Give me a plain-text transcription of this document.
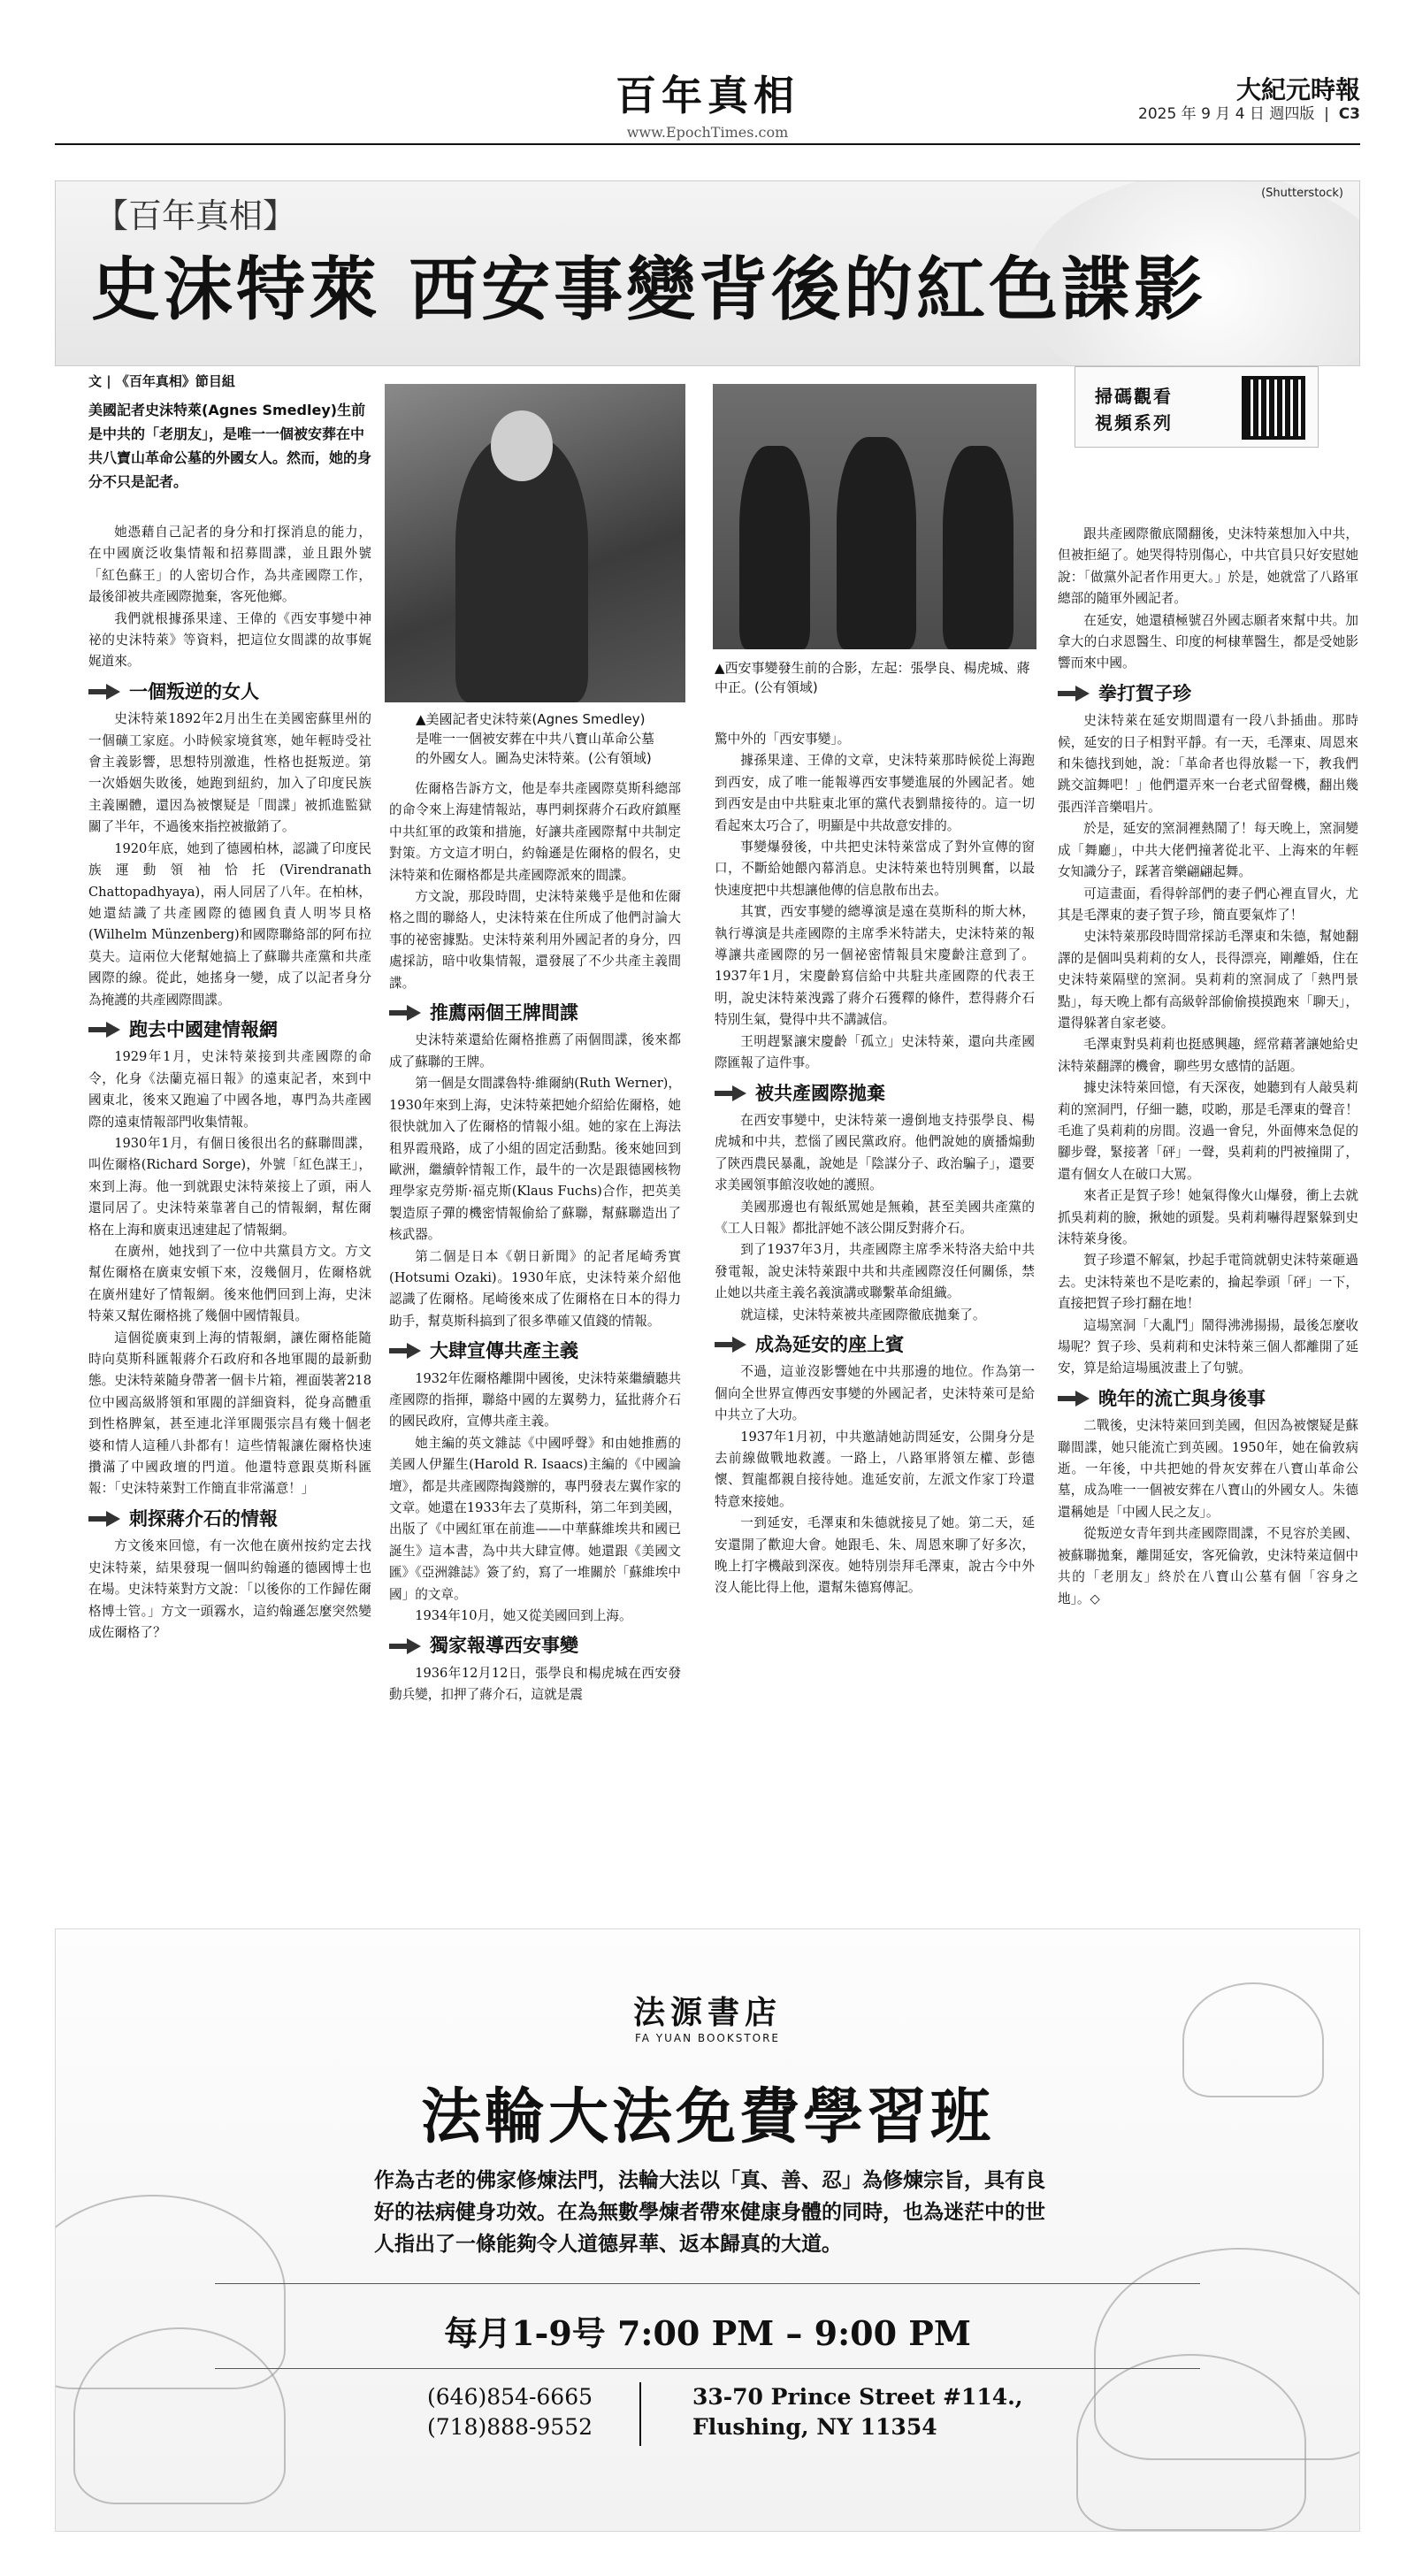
百年真相
www.EpochTimes.com
大紀元時報
2025 年 9 月 4 日 週四版  |  C3
【百年真相】
(Shutterstock)
史沫特萊 西安事變背後的紅色諜影
文 | 《百年真相》節目組
美國記者史沫特萊(Agnes Smedley)生前是中共的「老朋友」，是唯一一個被安葬在中共八寶山革命公墓的外國女人。然而，她的身分不只是記者。
▲美國記者史沫特萊(Agnes Smedley)是唯一一個被安葬在中共八寶山革命公墓的外國女人。圖為史沫特萊。(公有領域)
▲西安事變發生前的合影，左起：張學良、楊虎城、蔣中正。(公有領域)
掃碼觀看
視頻系列

她憑藉自己記者的身分和打探消息的能力，在中國廣泛收集情報和招募間諜，並且跟外號「紅色蘇王」的人密切合作，為共產國際工作，最後卻被共產國際拋棄，客死他鄉。

我們就根據孫果達、王偉的《西安事變中神祕的史沫特萊》等資料，把這位女間諜的故事娓娓道來。

一個叛逆的女人

史沫特萊1892年2月出生在美國密蘇里州的一個礦工家庭。小時候家境貧寒，她年輕時受社會主義影響，思想特別激進，性格也挺叛逆。第一次婚姻失敗後，她跑到紐約，加入了印度民族主義團體，還因為被懷疑是「間諜」被抓進監獄關了半年，不過後來指控被撤銷了。

1920年底，她到了德國柏林，認識了印度民族運動領袖恰托(Virendranath Chattopadhyaya)，兩人同居了八年。在柏林，她還結識了共產國際的德國負責人明岑貝格(Wilhelm Münzenberg)和國際聯絡部的阿布拉莫夫。這兩位大佬幫她搞上了蘇聯共產黨和共產國際的線。從此，她搖身一變，成了以記者身分為掩護的共產國際間諜。

跑去中國建情報網

1929年1月，史沫特萊接到共產國際的命令，化身《法蘭克福日報》的遠東記者，來到中國東北，後來又跑遍了中國各地，專門為共產國際的遠東情報部門收集情報。

1930年1月，有個日後很出名的蘇聯間諜，叫佐爾格(Richard Sorge)，外號「紅色謀王」，來到上海。他一到就跟史沫特萊接上了頭，兩人還同居了。史沫特萊靠著自己的情報網，幫佐爾格在上海和廣東迅速建起了情報網。

在廣州，她找到了一位中共黨員方文。方文幫佐爾格在廣東安頓下來，沒幾個月，佐爾格就在廣州建好了情報網。後來他們回到上海，史沫特萊又幫佐爾格挑了幾個中國情報員。

這個從廣東到上海的情報網，讓佐爾格能隨時向莫斯科匯報蔣介石政府和各地軍閥的最新動態。史沫特萊隨身帶著一個卡片箱，裡面裝著218位中國高級將領和軍閥的詳細資料，從身高體重到性格脾氣，甚至連北洋軍閥張宗昌有幾十個老婆和情人這種八卦都有！這些情報讓佐爾格快速攢滿了中國政壇的門道。他還特意跟莫斯科匯報：「史沫特萊對工作簡直非常滿意！」

刺探蔣介石的情報

方文後來回憶，有一次他在廣州按約定去找史沫特萊，結果發現一個叫約翰遜的德國博士也在場。史沫特萊對方文說：「以後你的工作歸佐爾格博士管。」方文一頭霧水，這約翰遜怎麼突然變成佐爾格了？

佐爾格告訴方文，他是奉共產國際莫斯科總部的命令來上海建情報站，專門刺探蔣介石政府鎮壓中共紅軍的政策和措施，好讓共產國際幫中共制定對策。方文這才明白，約翰遜是佐爾格的假名，史沫特萊和佐爾格都是共產國際派來的間諜。

方文說，那段時間，史沫特萊幾乎是他和佐爾格之間的聯絡人，史沫特萊在住所成了他們討論大事的祕密據點。史沫特萊利用外國記者的身分，四處採訪，暗中收集情報，還發展了不少共產主義間諜。

推薦兩個王牌間諜

史沫特萊還給佐爾格推薦了兩個間諜，後來都成了蘇聯的王牌。

第一個是女間諜魯特·維爾納(Ruth Werner)，1930年來到上海，史沫特萊把她介紹給佐爾格，她很快就加入了佐爾格的情報小組。她的家在上海法租界霞飛路，成了小組的固定活動點。後來她回到歐洲，繼續幹情報工作，最牛的一次是跟德國核物理學家克勞斯·福克斯(Klaus Fuchs)合作，把英美製造原子彈的機密情報偷給了蘇聯，幫蘇聯造出了核武器。

第二個是日本《朝日新聞》的記者尾崎秀實(Hotsumi Ozaki)。1930年底，史沫特萊介紹他認識了佐爾格。尾崎後來成了佐爾格在日本的得力助手，幫莫斯科搞到了很多準確又值錢的情報。

大肆宣傳共產主義

1932年佐爾格離開中國後，史沫特萊繼續聽共產國際的指揮，聯絡中國的左翼勢力，猛批蔣介石的國民政府，宣傳共產主義。

她主編的英文雜誌《中國呼聲》和由她推薦的美國人伊羅生(Harold R. Isaacs)主編的《中國論壇》，都是共產國際掏錢辦的，專門發表左翼作家的文章。她還在1933年去了莫斯科，第二年到美國，出版了《中國紅軍在前進——中華蘇維埃共和國已誕生》這本書，為中共大肆宣傳。她還跟《美國文匯》《亞洲雜誌》簽了約，寫了一堆關於「蘇維埃中國」的文章。

1934年10月，她又從美國回到上海。

獨家報導西安事變

1936年12月12日，張學良和楊虎城在西安發動兵變，扣押了蔣介石，這就是震

驚中外的「西安事變」。

據孫果達、王偉的文章，史沫特萊那時候從上海跑到西安，成了唯一能報導西安事變進展的外國記者。她到西安是由中共駐東北軍的黨代表劉鼎接待的。這一切看起來太巧合了，明顯是中共故意安排的。

事變爆發後，中共把史沫特萊當成了對外宣傳的窗口，不斷給她餵內幕消息。史沫特萊也特別興奮，以最快速度把中共想讓他傳的信息散布出去。

其實，西安事變的總導演是遠在莫斯科的斯大林，執行導演是共產國際的主席季米特諾夫，史沫特萊的報導讓共產國際的另一個祕密情報員宋慶齡注意到了。1937年1月，宋慶齡寫信給中共駐共產國際的代表王明，說史沫特萊洩露了蔣介石獲釋的條件，惹得蔣介石特別生氣，覺得中共不講誠信。

王明趕緊讓宋慶齡「孤立」史沫特萊，還向共產國際匯報了這件事。

被共產國際拋棄

在西安事變中，史沫特萊一邊倒地支持張學良、楊虎城和中共，惹惱了國民黨政府。他們說她的廣播煽動了陝西農民暴亂，說她是「陰謀分子、政治騙子」，還要求美國領事館沒收她的護照。

美國那邊也有報紙罵她是無賴，甚至美國共產黨的《工人日報》都批評她不該公開反對蔣介石。

到了1937年3月，共產國際主席季米特洛夫給中共發電報，說史沫特萊跟中共和共產國際沒任何關係，禁止她以共產主義名義演講或聯繫革命組織。

就這樣，史沫特萊被共產國際徹底拋棄了。

成為延安的座上賓

不過，這並沒影響她在中共那邊的地位。作為第一個向全世界宣傳西安事變的外國記者，史沫特萊可是給中共立了大功。

1937年1月初，中共邀請她訪問延安，公開身分是去前線做戰地救護。一路上，八路軍將領左權、彭德懷、賀龍都親自接待她。進延安前，左派文作家丁玲還特意來接她。

一到延安，毛澤東和朱德就接見了她。第二天，延安還開了歡迎大會。她跟毛、朱、周恩來聊了好多次，晚上打字機敲到深夜。她特別崇拜毛澤東，說古今中外沒人能比得上他，還幫朱德寫傳記。

跟共產國際徹底鬧翻後，史沫特萊想加入中共，但被拒絕了。她哭得特別傷心，中共官員只好安慰她說：「做黨外記者作用更大。」於是，她就當了八路軍總部的隨軍外國記者。

在延安，她還積極號召外國志願者來幫中共。加拿大的白求恩醫生、印度的柯棣華醫生，都是受她影響而來中國。

拳打賀子珍

史沫特萊在延安期間還有一段八卦插曲。那時候，延安的日子相對平靜。有一天，毛澤東、周恩來和朱德找到她，說：「革命者也得放鬆一下，教我們跳交誼舞吧！」他們還弄來一台老式留聲機，翻出幾張西洋音樂唱片。

於是，延安的窯洞裡熱鬧了！每天晚上，窯洞變成「舞廳」，中共大佬們撞著從北平、上海來的年輕女知識分子，踩著音樂翩翩起舞。

可這畫面，看得幹部們的妻子們心裡直冒火，尤其是毛澤東的妻子賀子珍，簡直要氣炸了！

史沫特萊那段時間常採訪毛澤東和朱德，幫她翻譯的是個叫吳莉莉的女人，長得漂亮，剛離婚，住在史沫特萊隔壁的窯洞。吳莉莉的窯洞成了「熱門景點」，每天晚上都有高級幹部偷偷摸摸跑來「聊天」，還得躲著自家老婆。

毛澤東對吳莉莉也挺感興趣，經常藉著讓她給史沫特萊翻譯的機會，聊些男女感情的話題。

據史沫特萊回憶，有天深夜，她聽到有人敲吳莉莉的窯洞門，仔細一聽，哎喲，那是毛澤東的聲音！毛進了吳莉莉的房間。沒過一會兒，外面傳來急促的腳步聲，緊接著「砰」一聲，吳莉莉的門被撞開了，還有個女人在破口大罵。

來者正是賀子珍！她氣得像火山爆發，衝上去就抓吳莉莉的臉，揪她的頭髮。吳莉莉嚇得趕緊躲到史沫特萊身後。

賀子珍還不解氣，抄起手電筒就朝史沫特萊砸過去。史沫特萊也不是吃素的，掄起拳頭「砰」一下，直接把賀子珍打翻在地！

這場窯洞「大亂鬥」鬧得沸沸揚揚，最後怎麼收場呢？賀子珍、吳莉莉和史沫特萊三個人都離開了延安，算是給這場風波畫上了句號。

晚年的流亡與身後事

二戰後，史沫特萊回到美國，但因為被懷疑是蘇聯間諜，她只能流亡到英國。1950年，她在倫敦病逝。一年後，中共把她的骨灰安葬在八寶山革命公墓，成為唯一一個被安葬在八寶山的外國女人。朱德還稱她是「中國人民之友」。

從叛逆女青年到共產國際間諜，不見容於美國、被蘇聯拋棄，離開延安，客死倫敦，史沫特萊這個中共的「老朋友」終於在八寶山公墓有個「容身之地」。◇

法源書店
FA YUAN BOOKSTORE
法輪大法免費學習班
作為古老的佛家修煉法門，法輪大法以「真、善、忍」為修煉宗旨，具有良好的祛病健身功效。在為無數學煉者帶來健康身體的同時，也為迷茫中的世人指出了一條能夠令人道德昇華、返本歸真的大道。
每月1-9号 7:00 PM – 9:00 PM
(646)854-6665
(718)888-9552
33-70 Prince Street #114.,
Flushing, NY 11354
